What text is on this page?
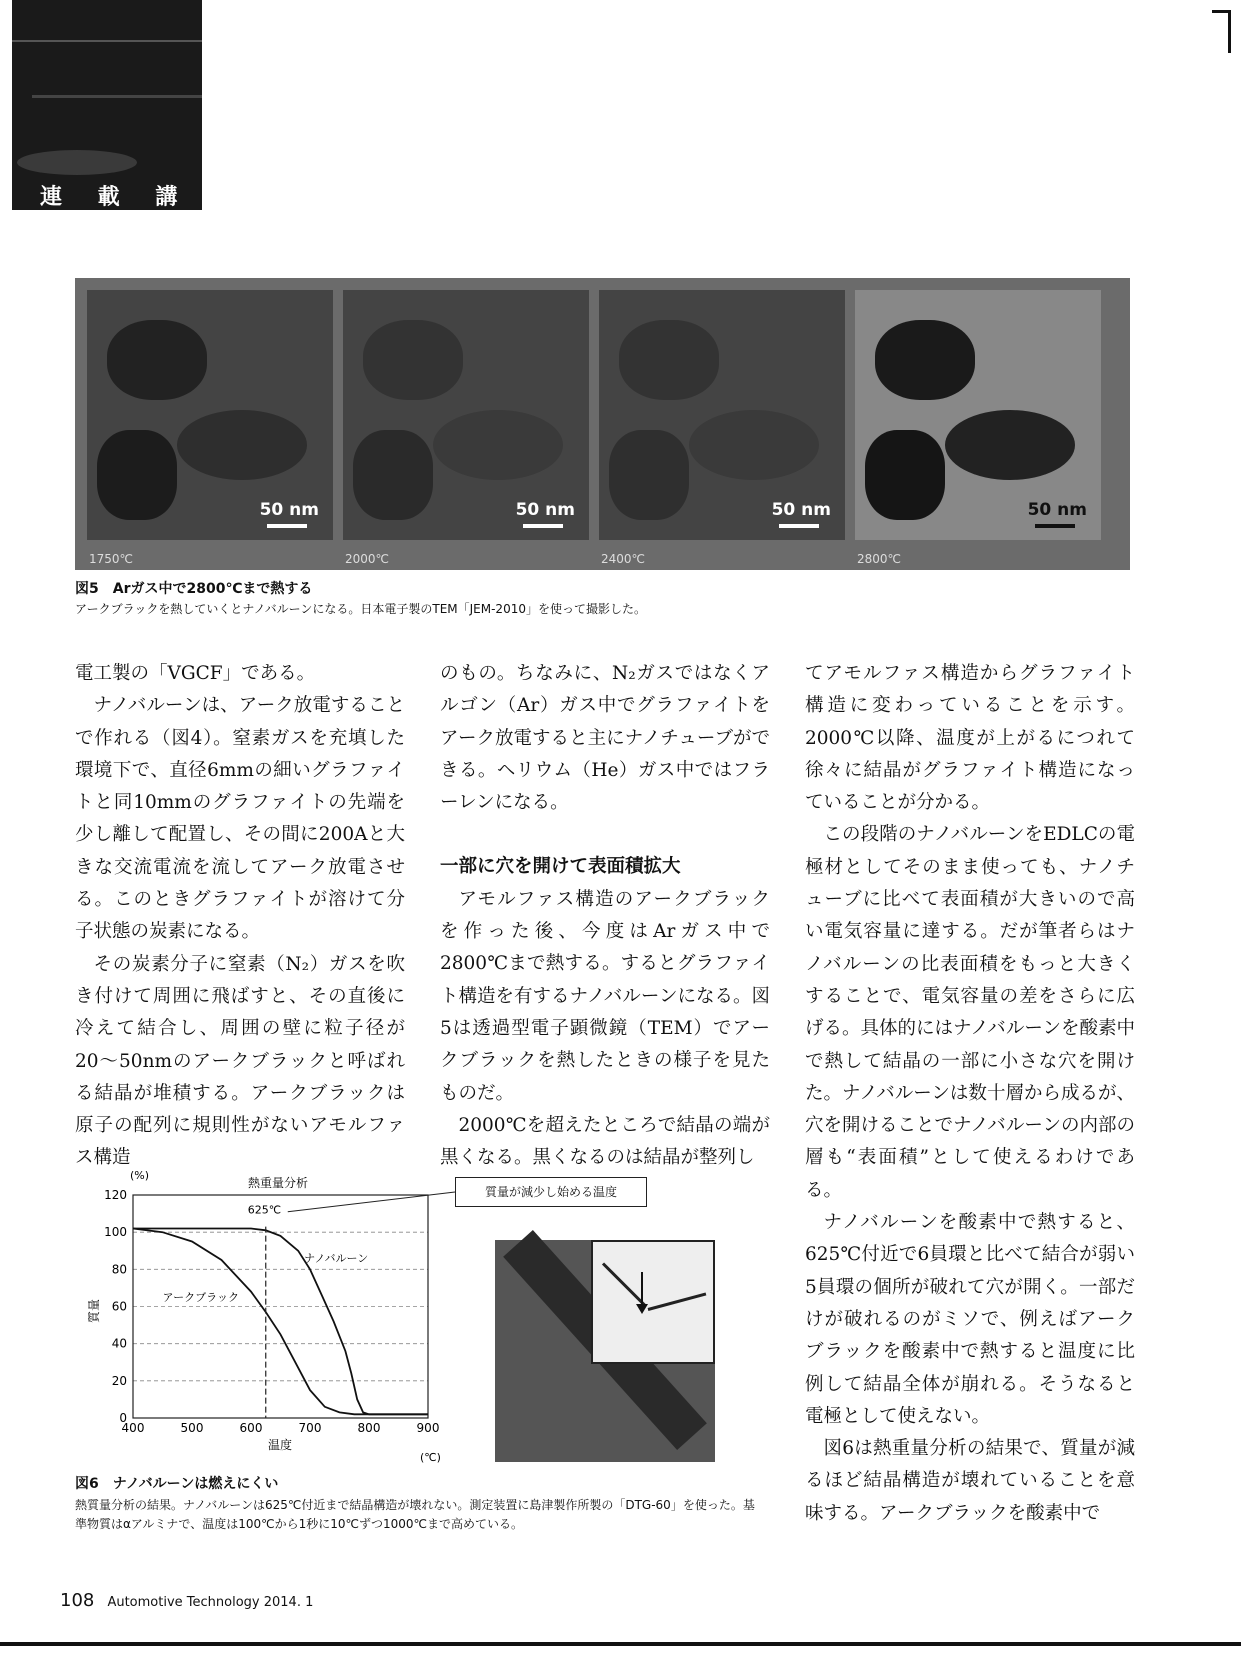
連 載 講 座
50 nm	50 nm	50 nm	50 nm
1750℃	2000℃	2400℃	2800℃
図5　Arガス中で2800℃まで熱する
アークブラックを熱していくとナノバルーンになる。日本電子製のTEM「JEM-2010」を使って撮影した。

電工製の「VGCF」である。

ナノバルーンは、アーク放電することで作れる（図4）。窒素ガスを充填した環境下で、直径6mmの細いグラファイトと同10mmのグラファイトの先端を少し離して配置し、その間に200Aと大きな交流電流を流してアーク放電させる。このときグラファイトが溶けて分子状態の炭素になる。

その炭素分子に窒素（N₂）ガスを吹き付けて周囲に飛ばすと、その直後に冷えて結合し、周囲の壁に粒子径が20〜50nmのアークブラックと呼ばれる結晶が堆積する。アークブラックは原子の配列に規則性がないアモルファス構造

のもの。ちなみに、N₂ガスではなくアルゴン（Ar）ガス中でグラファイトをアーク放電すると主にナノチューブができる。ヘリウム（He）ガス中ではフラーレンになる。

一部に穴を開けて表面積拡大

アモルファス構造のアークブラックを作った後、今度はArガス中で2800℃まで熱する。するとグラファイト構造を有するナノバルーンになる。図5は透過型電子顕微鏡（TEM）でアークブラックを熱したときの様子を見たものだ。

2000℃を超えたところで結晶の端が黒くなる。黒くなるのは結晶が整列し

てアモルファス構造からグラファイト構造に変わっていることを示す。2000℃以降、温度が上がるにつれて徐々に結晶がグラファイト構造になっていることが分かる。

この段階のナノバルーンをEDLCの電極材としてそのまま使っても、ナノチューブに比べて表面積が大きいので高い電気容量に達する。だが筆者らはナノバルーンの比表面積をもっと大きくすることで、電気容量の差をさらに広げる。具体的にはナノバルーンを酸素中で熱して結晶の一部に小さな穴を開けた。ナノバルーンは数十層から成るが、穴を開けることでナノバルーンの内部の層も“表面積”として使えるわけである。

ナノバルーンを酸素中で熱すると、625℃付近で6員環と比べて結合が弱い5員環の個所が破れて穴が開く。一部だけが破れるのがミソで、例えばアークブラックを酸素中で熱すると温度に比例して結晶全体が崩れる。そうなると電極として使えない。

図6は熱重量分析の結果で、質量が減るほど結晶構造が壊れていることを意味する。アークブラックを酸素中で

0
20
40
60
80
100
120
400	500	600	700	800	900
熱重量分析
(%)
(℃)
温度
質量
ナノバルーン
アークブラック
625℃
質量が減少し始める温度
図6　ナノバルーンは燃えにくい
熱質量分析の結果。ナノバルーンは625℃付近まで結晶構造が壊れない。測定装置に島津製作所製の「DTG-60」を使った。基準物質はαアルミナで、温度は100℃から1秒に10℃ずつ1000℃まで高めている。
108 Automotive Technology 2014. 1
